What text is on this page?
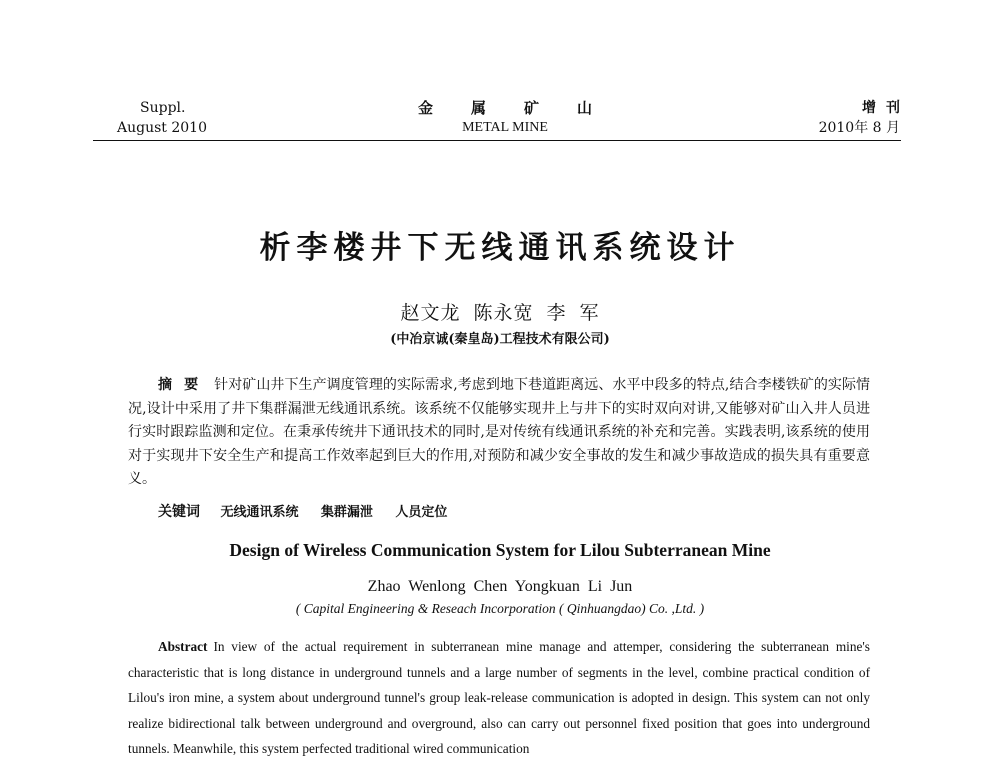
Suppl.
August 2010
金属矿山
METAL MINE
增刊
2010年 8 月
析李楼井下无线通讯系统设计
赵文龙 陈永宽 李 军
(中冶京诚(秦皇岛)工程技术有限公司)
摘要 针对矿山井下生产调度管理的实际需求,考虑到地下巷道距离远、水平中段多的特点,结合李楼铁矿的实际情况,设计中采用了井下集群漏泄无线通讯系统。该系统不仅能够实现井上与井下的实时双向对讲,又能够对矿山入井人员进行实时跟踪监测和定位。在秉承传统井下通讯技术的同时,是对传统有线通讯系统的补充和完善。实践表明,该系统的使用对于实现井下安全生产和提高工作效率起到巨大的作用,对预防和减少安全事故的发生和减少事故造成的损失具有重要意义。
关键词 无线通讯系统 集群漏泄 人员定位
Design of Wireless Communication System for Lilou Subterranean Mine
Zhao Wenlong Chen Yongkuan Li Jun
( Capital Engineering & Reseach Incorporation ( Qinhuangdao) Co. ,Ltd. )
Abstract In view of the actual requirement in subterranean mine manage and attemper, considering the subterranean mine's characteristic that is long distance in underground tunnels and a large number of segments in the level, combine practical condition of Lilou's iron mine, a system about underground tunnel's group leak-release communication is adopted in design. This system can not only realize bidirectional talk between underground and overground, also can carry out personnel fixed position that goes into underground tunnels. Meanwhile, this system perfected traditional wired communication
